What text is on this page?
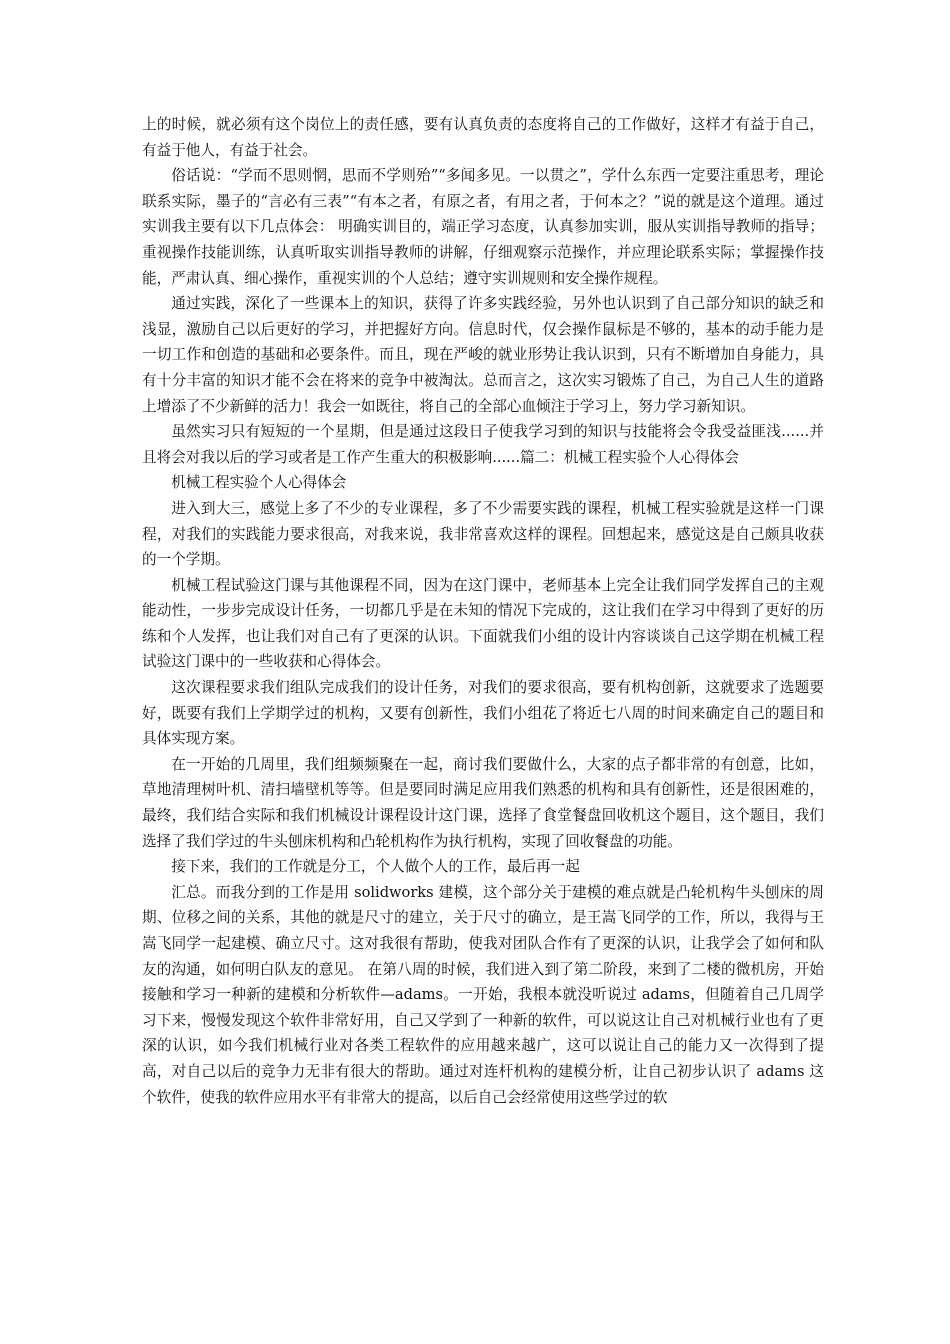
上的时候，就必须有这个岗位上的责任感，要有认真负责的态度将自己的工作做好，这样才有益于自己，有益于他人，有益于社会。

俗话说：“学而不思则惘，思而不学则殆”“多闻多见。一以贯之”，学什么东西一定要注重思考，理论联系实际，墨子的“言必有三表”“有本之者，有原之者，有用之者，于何本之？”说的就是这个道理。通过实训我主要有以下几点体会： 明确实训目的，端正学习态度，认真参加实训，服从实训指导教师的指导；重视操作技能训练，认真听取实训指导教师的讲解，仔细观察示范操作，并应理论联系实际；掌握操作技能，严肃认真、细心操作，重视实训的个人总结；遵守实训规则和安全操作规程。

通过实践，深化了一些课本上的知识，获得了许多实践经验，另外也认识到了自己部分知识的缺乏和浅显，激励自己以后更好的学习，并把握好方向。信息时代，仅会操作鼠标是不够的，基本的动手能力是一切工作和创造的基础和必要条件。而且，现在严峻的就业形势让我认识到，只有不断增加自身能力，具有十分丰富的知识才能不会在将来的竞争中被淘汰。总而言之，这次实习锻炼了自己，为自己人生的道路上增添了不少新鲜的活力！我会一如既往，将自己的全部心血倾注于学习上，努力学习新知识。

虽然实习只有短短的一个星期，但是通过这段日子使我学习到的知识与技能将会令我受益匪浅......并且将会对我以后的学习或者是工作产生重大的积极影响......篇二：机械工程实验个人心得体会

机械工程实验个人心得体会

进入到大三，感觉上多了不少的专业课程，多了不少需要实践的课程，机械工程实验就是这样一门课程，对我们的实践能力要求很高，对我来说，我非常喜欢这样的课程。回想起来，感觉这是自己颇具收获的一个学期。

机械工程试验这门课与其他课程不同，因为在这门课中，老师基本上完全让我们同学发挥自己的主观能动性，一步步完成设计任务，一切都几乎是在未知的情况下完成的，这让我们在学习中得到了更好的历练和个人发挥，也让我们对自己有了更深的认识。下面就我们小组的设计内容谈谈自己这学期在机械工程试验这门课中的一些收获和心得体会。

这次课程要求我们组队完成我们的设计任务，对我们的要求很高，要有机构创新，这就要求了选题要好，既要有我们上学期学过的机构，又要有创新性，我们小组花了将近七八周的时间来确定自己的题目和具体实现方案。

在一开始的几周里，我们组频频聚在一起，商讨我们要做什么，大家的点子都非常的有创意，比如，草地清理树叶机、清扫墙壁机等等。但是要同时满足应用我们熟悉的机构和具有创新性，还是很困难的，最终，我们结合实际和我们机械设计课程设计这门课，选择了食堂餐盘回收机这个题目，这个题目，我们选择了我们学过的牛头刨床机构和凸轮机构作为执行机构，实现了回收餐盘的功能。

接下来，我们的工作就是分工，个人做个人的工作，最后再一起

汇总。而我分到的工作是用 solidworks 建模，这个部分关于建模的难点就是凸轮机构牛头刨床的周期、位移之间的关系，其他的就是尺寸的建立，关于尺寸的确立，是王嵩飞同学的工作，所以，我得与王嵩飞同学一起建模、确立尺寸。这对我很有帮助，使我对团队合作有了更深的认识，让我学会了如何和队友的沟通，如何明白队友的意见。 在第八周的时候，我们进入到了第二阶段，来到了二楼的微机房，开始接触和学习一种新的建模和分析软件—adams。一开始，我根本就没听说过 adams，但随着自己几周学习下来，慢慢发现这个软件非常好用，自己又学到了一种新的软件，可以说这让自己对机械行业也有了更深的认识，如今我们机械行业对各类工程软件的应用越来越广，这可以说让自己的能力又一次得到了提高，对自己以后的竞争力无非有很大的帮助。通过对连杆机构的建模分析，让自己初步认识了 adams 这个软件，使我的软件应用水平有非常大的提高，以后自己会经常使用这些学过的软
